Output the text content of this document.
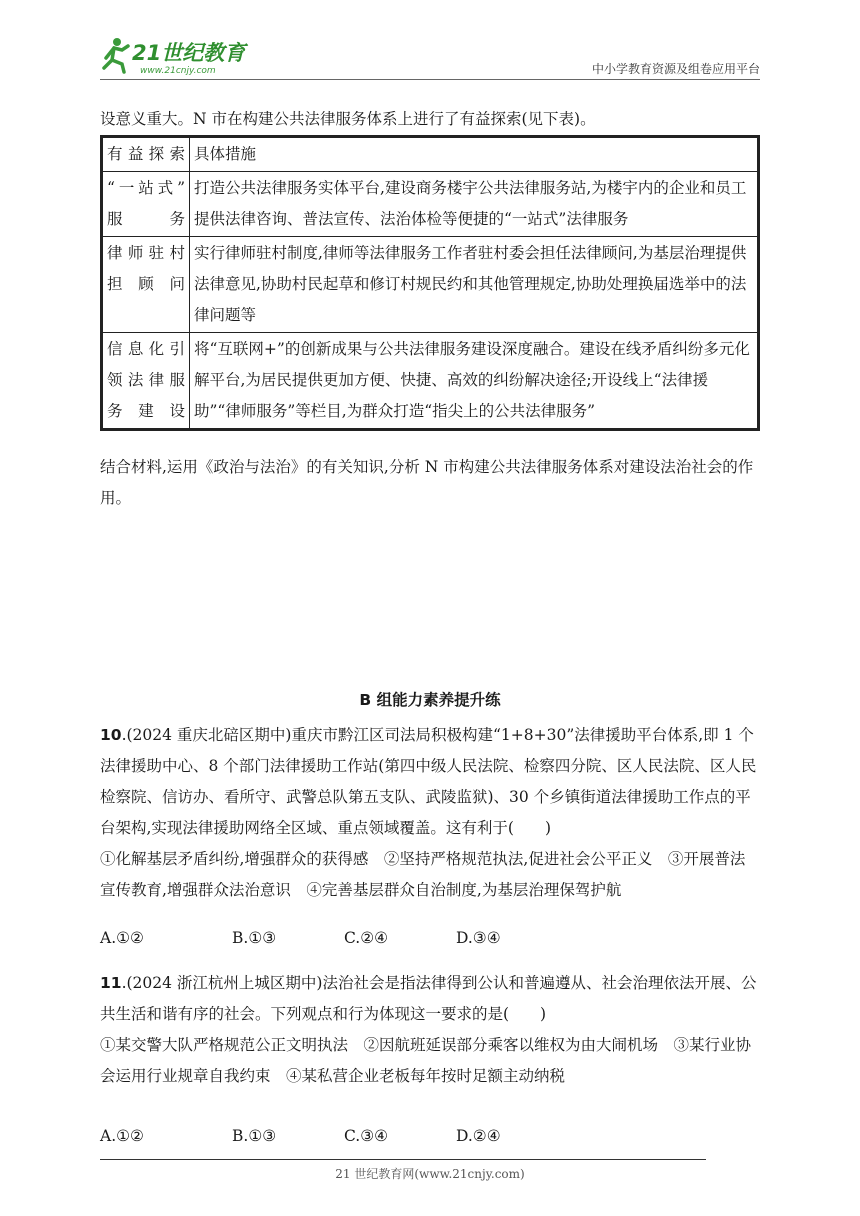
21世纪教育
www.21cnjy.com	中小学教育资源及组卷应用平台
设意义重大。N 市在构建公共法律服务体系上进行了有益探索(见下表)。
有益探索	具体措施

“一站式”
服务	打造公共法律服务实体平台,建设商务楼宇公共法律服务站,为楼宇内的企业和员工提供法律咨询、普法宣传、法治体检等便捷的“一站式”法律服务

律师驻村
担顾问	实行律师驻村制度,律师等法律服务工作者驻村委会担任法律顾问,为基层治理提供法律意见,协助村民起草和修订村规民约和其他管理规定,协助处理换届选举中的法律问题等

信息化引
领法律服
务建设	将“互联网+”的创新成果与公共法律服务建设深度融合。建设在线矛盾纠纷多元化解平台,为居民提供更加方便、快捷、高效的纠纷解决途径;开设线上“法律援助”“律师服务”等栏目,为群众打造“指尖上的公共法律服务”
结合材料,运用《政治与法治》的有关知识,分析 N 市构建公共法律服务体系对建设法治社会的作用。
B 组能力素养提升练
10.(2024 重庆北碚区期中)重庆市黔江区司法局积极构建“1+8+30”法律援助平台体系,即 1 个法律援助中心、8 个部门法律援助工作站(第四中级人民法院、检察四分院、区人民法院、区人民检察院、信访办、看所守、武警总队第五支队、武陵监狱)、30 个乡镇街道法律援助工作点的平台架构,实现法律援助网络全区域、重点领域覆盖。这有利于(　　)
①化解基层矛盾纠纷,增强群众的获得感　②坚持严格规范执法,促进社会公平正义　③开展普法宣传教育,增强群众法治意识　④完善基层群众自治制度,为基层治理保驾护航
A.①②	B.①③	C.②④	D.③④
11.(2024 浙江杭州上城区期中)法治社会是指法律得到公认和普遍遵从、社会治理依法开展、公共生活和谐有序的社会。下列观点和行为体现这一要求的是(　　)
①某交警大队严格规范公正文明执法　②因航班延误部分乘客以维权为由大闹机场　③某行业协会运用行业规章自我约束　④某私营企业老板每年按时足额主动纳税
A.①②	B.①③	C.③④	D.②④
21 世纪教育网(www.21cnjy.com)
